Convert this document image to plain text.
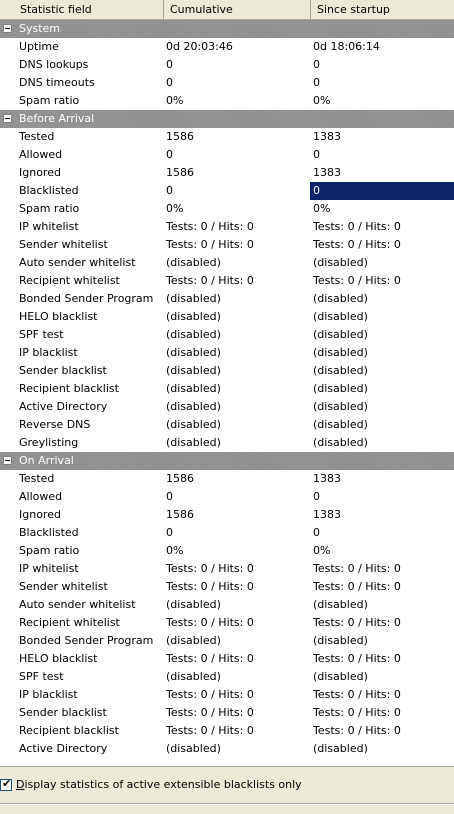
Statistic field	Cumulative	Since startup
System
Uptime	0d 20:03:46	0d 18:06:14
DNS lookups	0	0
DNS timeouts	0	0
Spam ratio	0%	0%
Before Arrival
Tested	1586	1383
Allowed	0	0
Ignored	1586	1383
Blacklisted	0	0
Spam ratio	0%	0%
IP whitelist	Tests: 0 / Hits: 0	Tests: 0 / Hits: 0
Sender whitelist	Tests: 0 / Hits: 0	Tests: 0 / Hits: 0
Auto sender whitelist	(disabled)	(disabled)
Recipient whitelist	Tests: 0 / Hits: 0	Tests: 0 / Hits: 0
Bonded Sender Program	(disabled)	(disabled)
HELO blacklist	(disabled)	(disabled)
SPF test	(disabled)	(disabled)
IP blacklist	(disabled)	(disabled)
Sender blacklist	(disabled)	(disabled)
Recipient blacklist	(disabled)	(disabled)
Active Directory	(disabled)	(disabled)
Reverse DNS	(disabled)	(disabled)
Greylisting	(disabled)	(disabled)
On Arrival
Tested	1586	1383
Allowed	0	0
Ignored	1586	1383
Blacklisted	0	0
Spam ratio	0%	0%
IP whitelist	Tests: 0 / Hits: 0	Tests: 0 / Hits: 0
Sender whitelist	Tests: 0 / Hits: 0	Tests: 0 / Hits: 0
Auto sender whitelist	(disabled)	(disabled)
Recipient whitelist	Tests: 0 / Hits: 0	Tests: 0 / Hits: 0
Bonded Sender Program	(disabled)	(disabled)
HELO blacklist	Tests: 0 / Hits: 0	Tests: 0 / Hits: 0
SPF test	(disabled)	(disabled)
IP blacklist	Tests: 0 / Hits: 0	Tests: 0 / Hits: 0
Sender blacklist	Tests: 0 / Hits: 0	Tests: 0 / Hits: 0
Recipient blacklist	Tests: 0 / Hits: 0	Tests: 0 / Hits: 0
Active Directory	(disabled)	(disabled)
✔ Display statistics of active extensible blacklists only
